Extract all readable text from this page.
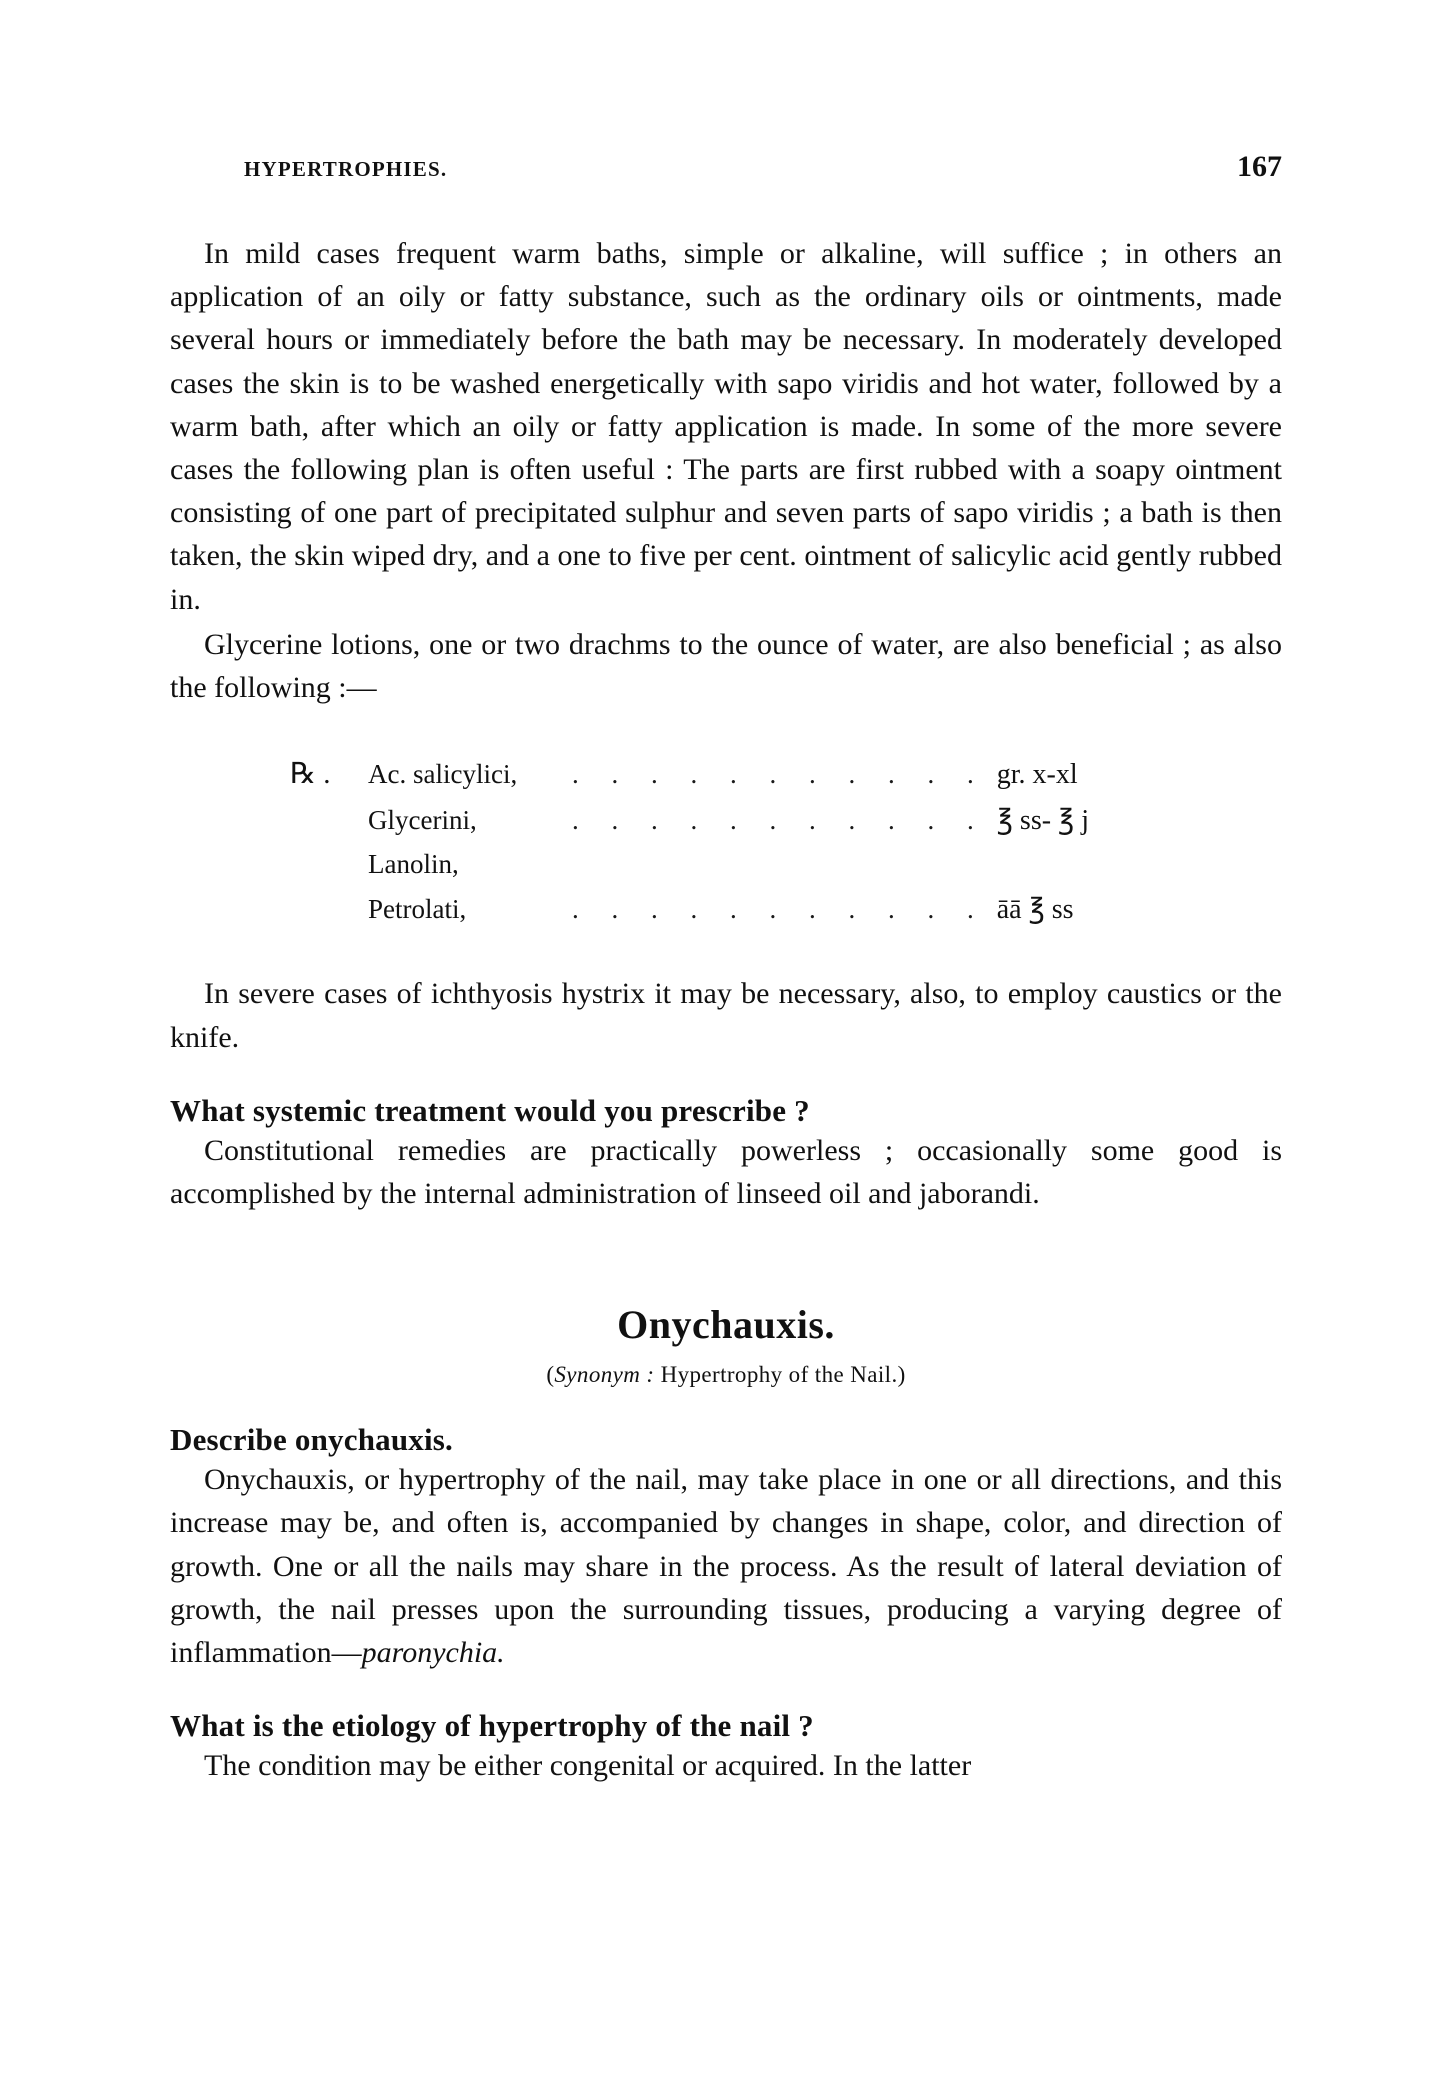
HYPERTROPHIES.	167

In mild cases frequent warm baths, simple or alkaline, will suffice ; in others an application of an oily or fatty substance, such as the ordinary oils or ointments, made several hours or immediately before the bath may be necessary. In moderately developed cases the skin is to be washed energetically with sapo viridis and hot water, followed by a warm bath, after which an oily or fatty application is made. In some of the more severe cases the following plan is often useful : The parts are first rubbed with a soapy ointment consisting of one part of precipitated sulphur and seven parts of sapo viridis ; a bath is then taken, the skin wiped dry, and a one to five per cent. ointment of salicylic acid gently rubbed in.

Glycerine lotions, one or two drachms to the ounce of water, are also beneficial ; as also the following :—

℞ .	Ac. salicylici,	. . . . . . . . . . . gr. x-xl
Glycerini,	. . . . . . . . . . . ℥ ss- ℥ j
Lanolin,
Petrolati,	. . . . . . . . . . . āā ℥ ss

In severe cases of ichthyosis hystrix it may be necessary, also, to employ caustics or the knife.

What systemic treatment would you prescribe ?

Constitutional remedies are practically powerless ; occasionally some good is accomplished by the internal administration of linseed oil and jaborandi.

Onychauxis.
(Synonym : Hypertrophy of the Nail.)
Describe onychauxis.

Onychauxis, or hypertrophy of the nail, may take place in one or all directions, and this increase may be, and often is, accompanied by changes in shape, color, and direction of growth. One or all the nails may share in the process. As the result of lateral deviation of growth, the nail presses upon the surrounding tissues, producing a varying degree of inflammation—paronychia.

What is the etiology of hypertrophy of the nail ?

The condition may be either congenital or acquired. In the latter
